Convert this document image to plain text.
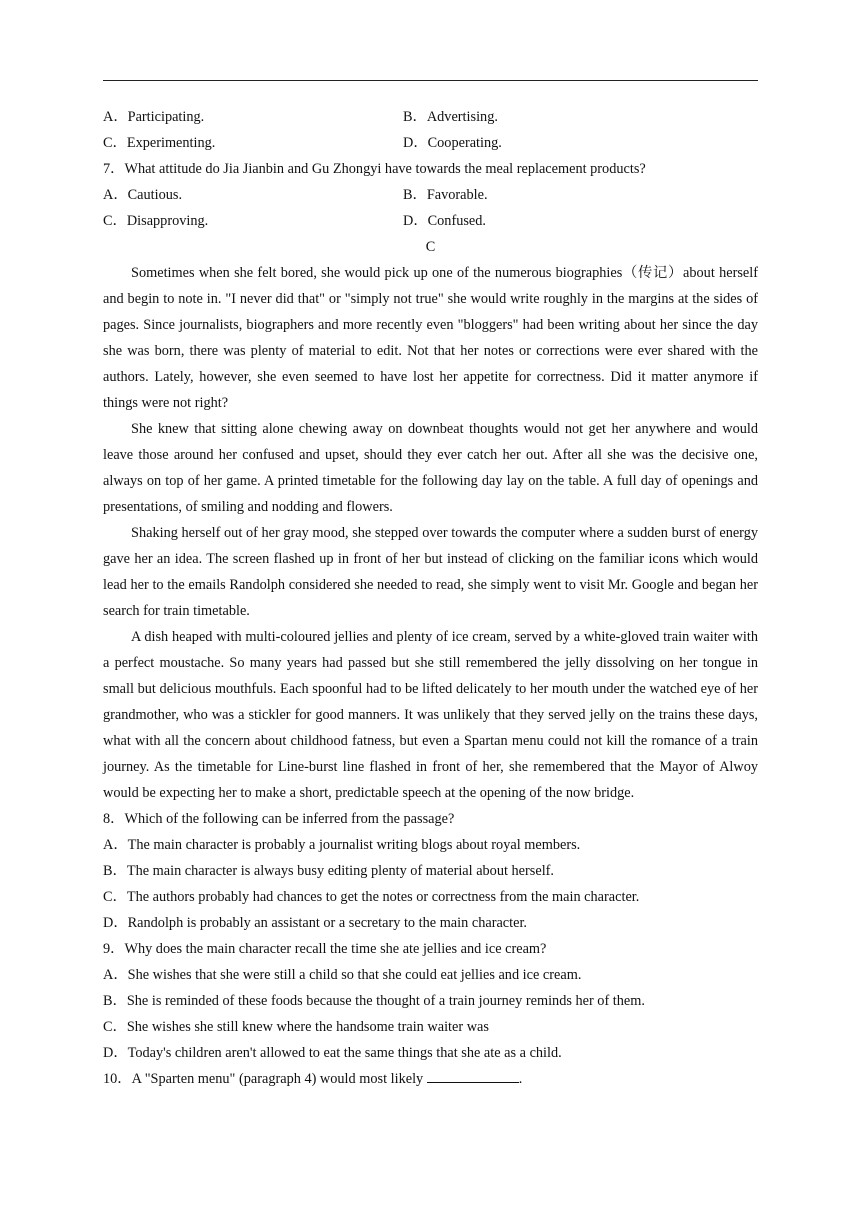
A．Participating.	B．Advertising.
C．Experimenting.	D．Cooperating.
7．What attitude do Jia Jianbin and Gu Zhongyi have towards the meal replacement products?
A．Cautious.	B．Favorable.
C．Disapproving.	D．Confused.
C

Sometimes when she felt bored, she would pick up one of the numerous biographies（传记）about herself and begin to note in. "I never did that" or "simply not true" she would write roughly in the margins at the sides of pages. Since journalists, biographers and more recently even "bloggers" had been writing about her since the day she was born, there was plenty of material to edit. Not that her notes or corrections were ever shared with the authors. Lately, however, she even seemed to have lost her appetite for correctness. Did it matter anymore if things were not right?

She knew that sitting alone chewing away on downbeat thoughts would not get her anywhere and would leave those around her confused and upset, should they ever catch her out. After all she was the decisive one, always on top of her game. A printed timetable for the following day lay on the table. A full day of openings and presentations, of smiling and nodding and flowers.

Shaking herself out of her gray mood, she stepped over towards the computer where a sudden burst of energy gave her an idea. The screen flashed up in front of her but instead of clicking on the familiar icons which would lead her to the emails Randolph considered she needed to read, she simply went to visit Mr. Google and began her search for train timetable.

A dish heaped with multi-coloured jellies and plenty of ice cream, served by a white-gloved train waiter with a perfect moustache. So many years had passed but she still remembered the jelly dissolving on her tongue in small but delicious mouthfuls. Each spoonful had to be lifted delicately to her mouth under the watched eye of her grandmother, who was a stickler for good manners. It was unlikely that they served jelly on the trains these days, what with all the concern about childhood fatness, but even a Spartan menu could not kill the romance of a train journey. As the timetable for Line-burst line flashed in front of her, she remembered that the Mayor of Alwoy would be expecting her to make a short, predictable speech at the opening of the now bridge.

8．Which of the following can be inferred from the passage?
A．The main character is probably a journalist writing blogs about royal members.
B．The main character is always busy editing plenty of material about herself.
C．The authors probably had chances to get the notes or correctness from the main character.
D．Randolph is probably an assistant or a secretary to the main character.
9．Why does the main character recall the time she ate jellies and ice cream?
A．She wishes that she were still a child so that she could eat jellies and ice cream.
B．She is reminded of these foods because the thought of a train journey reminds her of them.
C．She wishes she still knew where the handsome train waiter was
D．Today's children aren't allowed to eat the same things that she ate as a child.
10．A "Sparten menu" (paragraph 4) would most likely	.
